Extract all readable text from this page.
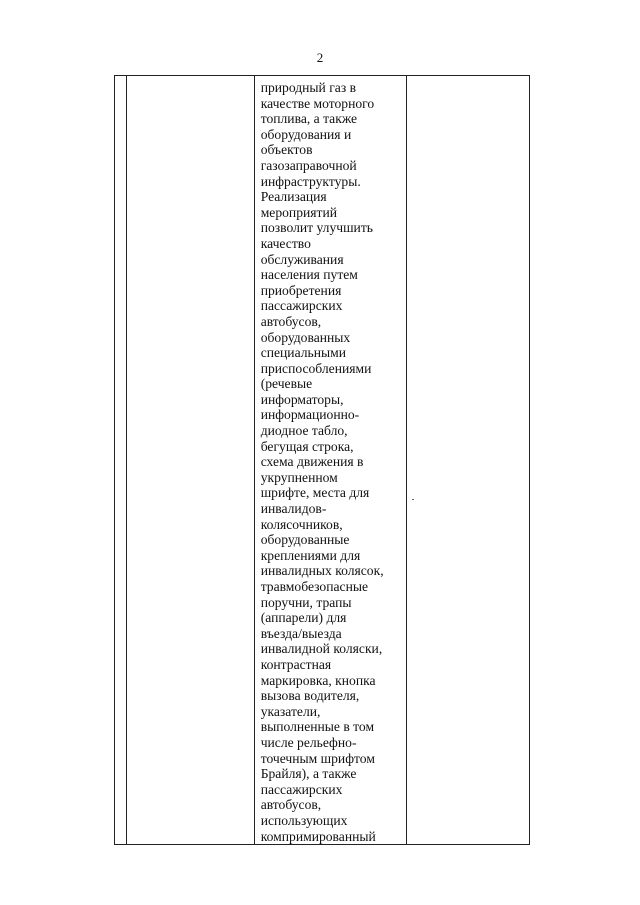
2

природный газ в
качестве моторного
топлива, а также
оборудования и
объектов
газозаправочной
инфраструктуры.
Реализация
мероприятий
позволит улучшить
качество
обслуживания
населения путем
приобретения
пассажирских
автобусов,
оборудованных
специальными
приспособлениями
(речевые
информаторы,
информационно-
диодное табло,
бегущая строка,
схема движения в
укрупненном
шрифте, места для
инвалидов-
колясочников,
оборудованные
креплениями для
инвалидных колясок,
травмобезопасные
поручни, трапы
(аппарели) для
въезда/выезда
инвалидной коляски,
контрастная
маркировка, кнопка
вызова водителя,
указатели,
выполненные в том
числе рельефно-
точечным шрифтом
Брайля), а также
пассажирских
автобусов,
использующих
компримированный
